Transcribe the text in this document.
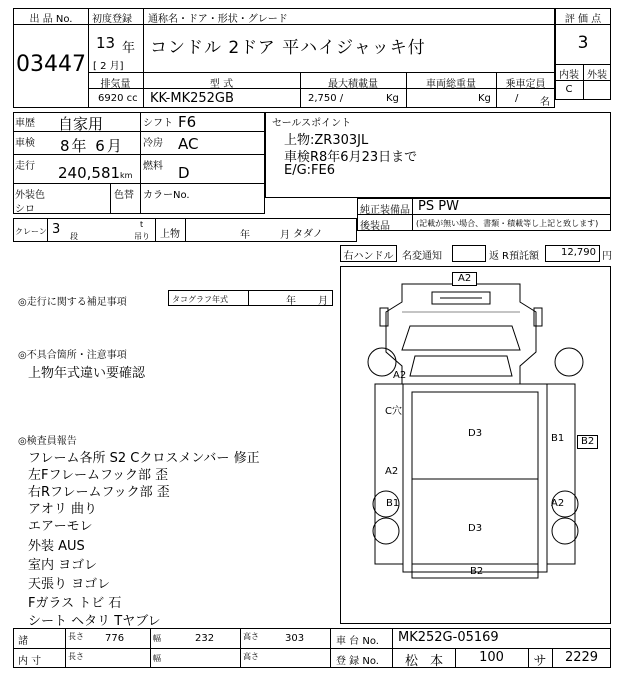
出 品 No.
03447
初度登録 通称名・ドア・形状・グレード
13 年
[ 2 月]
コンドル 2ドア 平ハイジャッキ付
排気量	型 式	最大積載量	車両総重量	乗車定員
6920 cc KK-MK252GB	2,750 /	Kg	Kg / 名
評 価 点
3
内装 外装
C
車歴 自家用	シフト F6
車検 8年 6月 冷房 AC
走行 240,581 km
燃料 D
外装色
シロ
色替 カラーNo.
セールスポイント
上物:ZR303JL
車検R8年6月23日まで
E/G:FE6
純正装備品 PS PW
後装品	(記載が無い場合、書類・積載等し上記と致します)
クレーン 3 段
t
吊り 上物	年	月 タダノ
右ハンドル 名変通知	返 R預託額	12,790 円
◎走行に関する補足事項	タコグラフ年式	年 月
◎不具合箇所・注意事項
上物年式違い要確認
◎検査員報告
フレーム各所 S2 Cクロスメンバー 修正
左Fフレームフック部 歪
右Rフレームフック部 歪
アオリ 曲り
エアーモレ
外装 AUS
室内 ヨゴレ
天張り ヨゴレ
Fガラス トビ 石
シート ヘタリ Tヤブレ
A2
A2
C穴
D3	B1	B2
A2
B1	A2
D3
B2
諸	長さ 776	幅	232	高さ	303
内 寸	長さ	幅	高さ
車 台 No. MK252G-05169
登 録 No. 松 本	100	サ	2229
